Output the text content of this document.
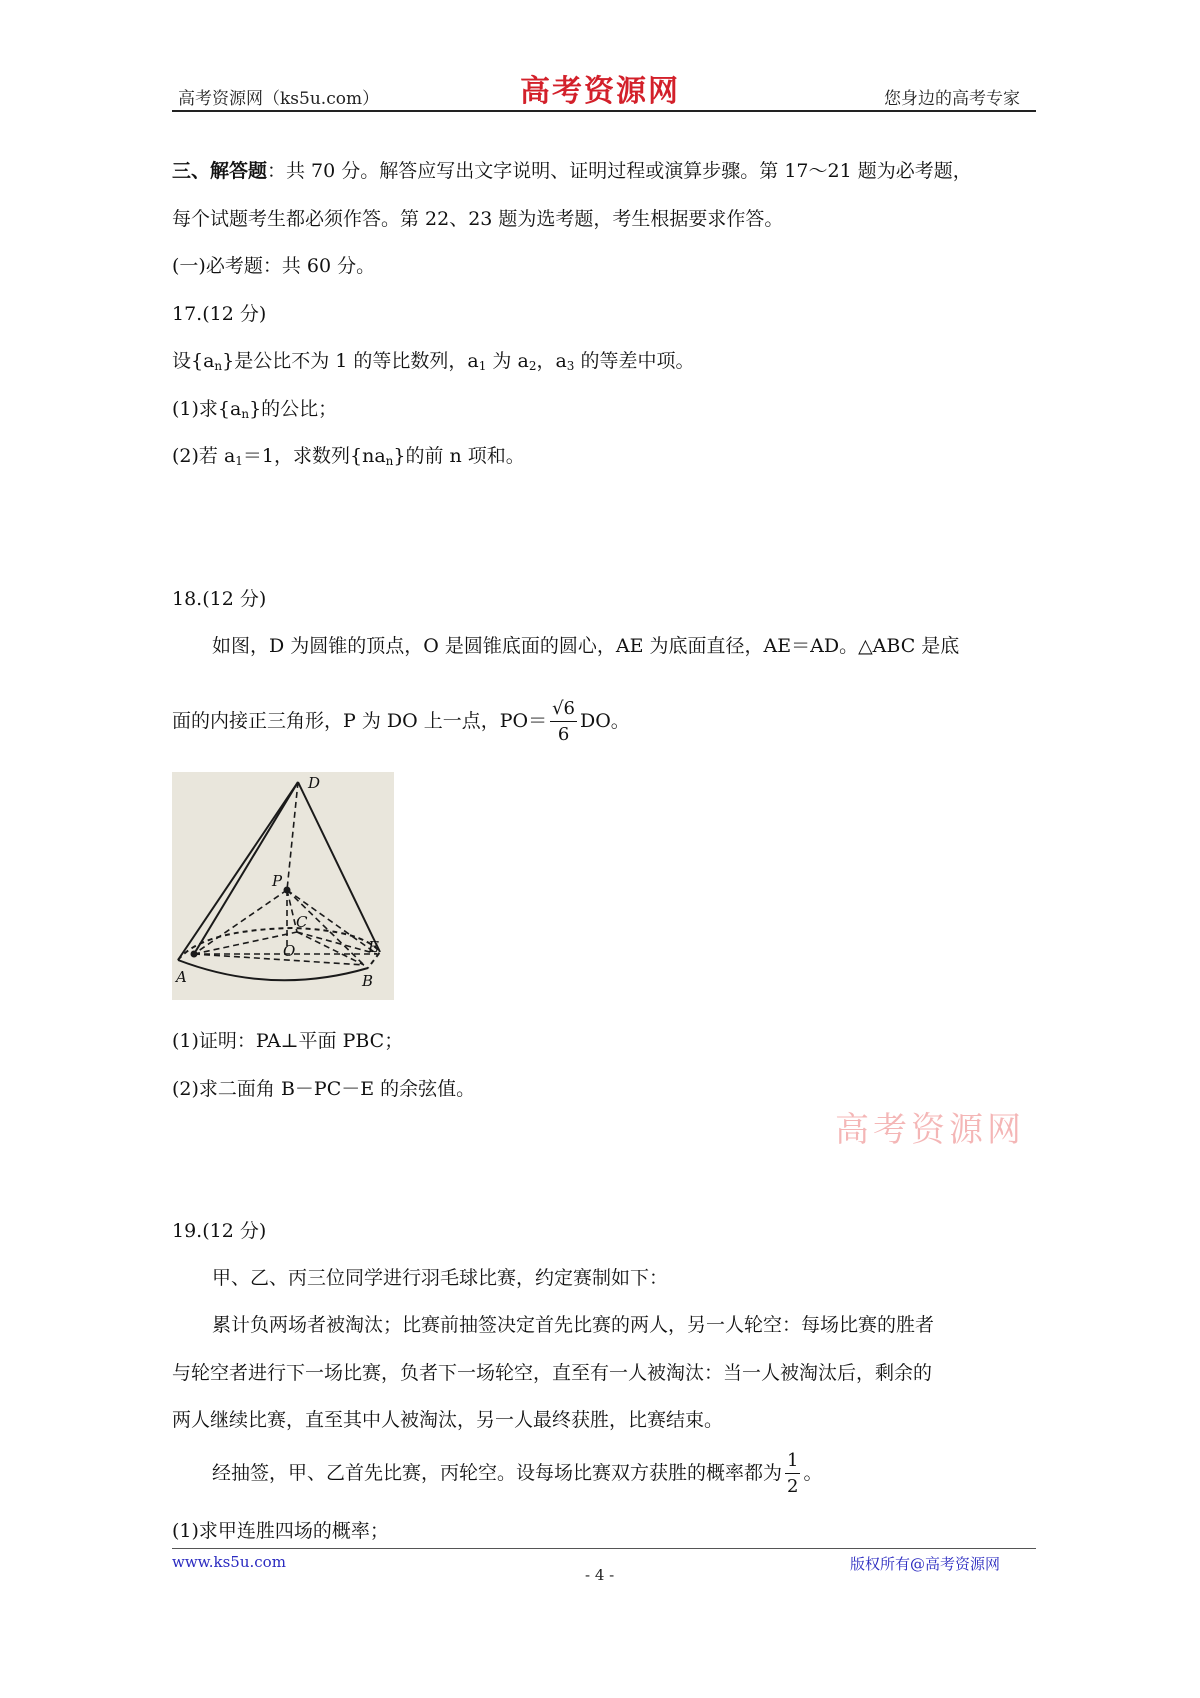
高考资源网（ks5u.com）	高考资源网	您身边的高考专家
三、解答题：共 70 分。解答应写出文字说明、证明过程或演算步骤。第 17～21 题为必考题，
每个试题考生都必须作答。第 22、23 题为选考题，考生根据要求作答。
(一)必考题：共 60 分。
17.(12 分)
设$\{a_n\}$是公比不为 1 的等比数列，$a_1$ 为 $a_2$，$a_3$ 的等差中项。
(1)求$\{a_n\}$的公比；
(2)若 $a_1=1$，求数列$\{na_n\}$的前 n 项和。
18.(12 分)
如图，D 为圆锥的顶点，O 是圆锥底面的圆心，AE 为底面直径，AE＝AD。△ABC 是底
面的内接正三角形，P 为 DO 上一点，$PO= \frac{√6}{6}$ DO。
D
P
C
O
A	B
E
(1)证明：PA⊥平面 PBC；
(2)求二面角 B－PC－E 的余弦值。
高考资源网
19.(12 分)
甲、乙、丙三位同学进行羽毛球比赛，约定赛制如下：
累计负两场者被淘汰；比赛前抽签决定首先比赛的两人，另一人轮空：每场比赛的胜者
与轮空者进行下一场比赛，负者下一场轮空，直至有一人被淘汰：当一人被淘汰后，剩余的
两人继续比赛，直至其中人被淘汰，另一人最终获胜，比赛结束。
经抽签，甲、乙首先比赛，丙轮空。设每场比赛双方获胜的概率都为 $\frac{1}{2}$ 。
(1)求甲连胜四场的概率；
www.ks5u.com
- 4 -
版权所有@高考资源网
